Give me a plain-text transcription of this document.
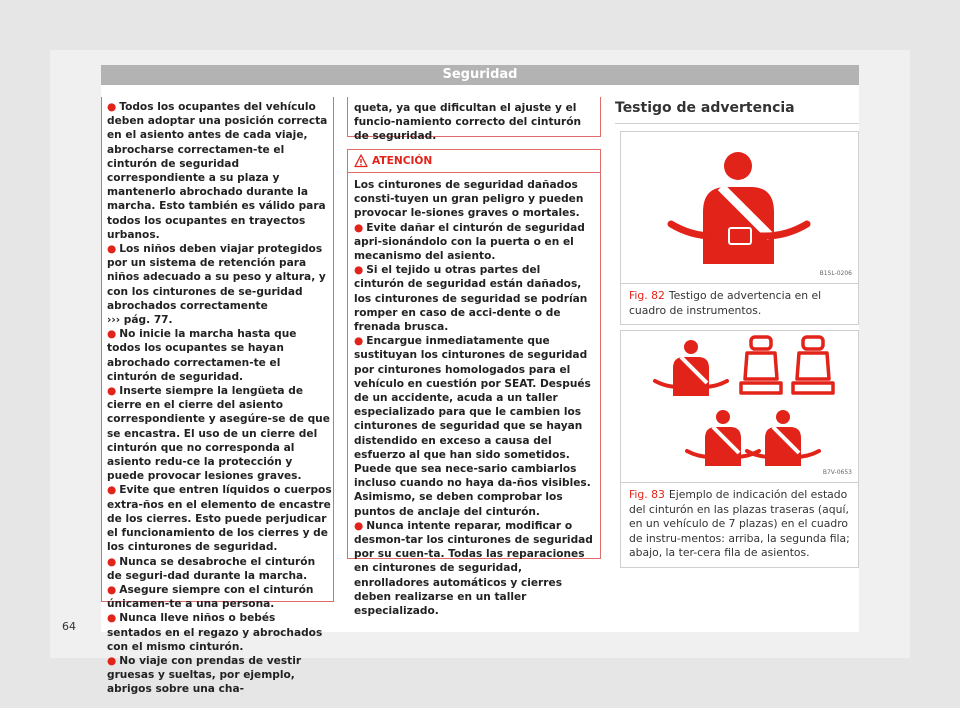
Seguridad
● Todos los ocupantes del vehículo deben adoptar una posición correcta en el asiento antes de cada viaje, abrocharse correctamen-te el cinturón de seguridad correspondiente a su plaza y mantenerlo abrochado durante la marcha. Esto también es válido para todos los ocupantes en trayectos urbanos.
● Los niños deben viajar protegidos por un sistema de retención para niños adecuado a su peso y altura, y con los cinturones de se-guridad abrochados correctamente
››› pág. 77.
● No inicie la marcha hasta que todos los ocupantes se hayan abrochado correctamen-te el cinturón de seguridad.
● Inserte siempre la lengüeta de cierre en el cierre del asiento correspondiente y asegúre-se de que se encastra. El uso de un cierre del cinturón que no corresponda al asiento redu-ce la protección y puede provocar lesiones graves.
● Evite que entren líquidos o cuerpos extra-ños en el elemento de encastre de los cierres. Esto puede perjudicar el funcionamiento de los cierres y de los cinturones de seguridad.
● Nunca se desabroche el cinturón de seguri-dad durante la marcha.
● Asegure siempre con el cinturón únicamen-te a una persona.
● Nunca lleve niños o bebés sentados en el regazo y abrochados con el mismo cinturón.
● No viaje con prendas de vestir gruesas y sueltas, por ejemplo, abrigos sobre una cha-
queta, ya que dificultan el ajuste y el funcio-namiento correcto del cinturón de seguridad.
ATENCIÓN
Los cinturones de seguridad dañados consti-tuyen un gran peligro y pueden provocar le-siones graves o mortales.
● Evite dañar el cinturón de seguridad apri-sionándolo con la puerta o en el mecanismo del asiento.
● Si el tejido u otras partes del cinturón de seguridad están dañados, los cinturones de seguridad se podrían romper en caso de acci-dente o de frenada brusca.
● Encargue inmediatamente que sustituyan los cinturones de seguridad por cinturones homologados para el vehículo en cuestión por SEAT. Después de un accidente, acuda a un taller especializado para que le cambien los cinturones de seguridad que se hayan distendido en exceso a causa del esfuerzo al que han sido sometidos. Puede que sea nece-sario cambiarlos incluso cuando no haya da-ños visibles. Asimismo, se deben comprobar los puntos de anclaje del cinturón.
● Nunca intente reparar, modificar o desmon-tar los cinturones de seguridad por su cuen-ta. Todas las reparaciones en cinturones de seguridad, enrolladores automáticos y cierres deben realizarse en un taller especializado.
Testigo de advertencia
B1SL-0206
Fig. 82 Testigo de advertencia en el cuadro de instrumentos.
B7V-0653
Fig. 83 Ejemplo de indicación del estado del cinturón en las plazas traseras (aquí, en un vehículo de 7 plazas) en el cuadro de instru-mentos: arriba, la segunda fila; abajo, la ter-cera fila de asientos.
64
